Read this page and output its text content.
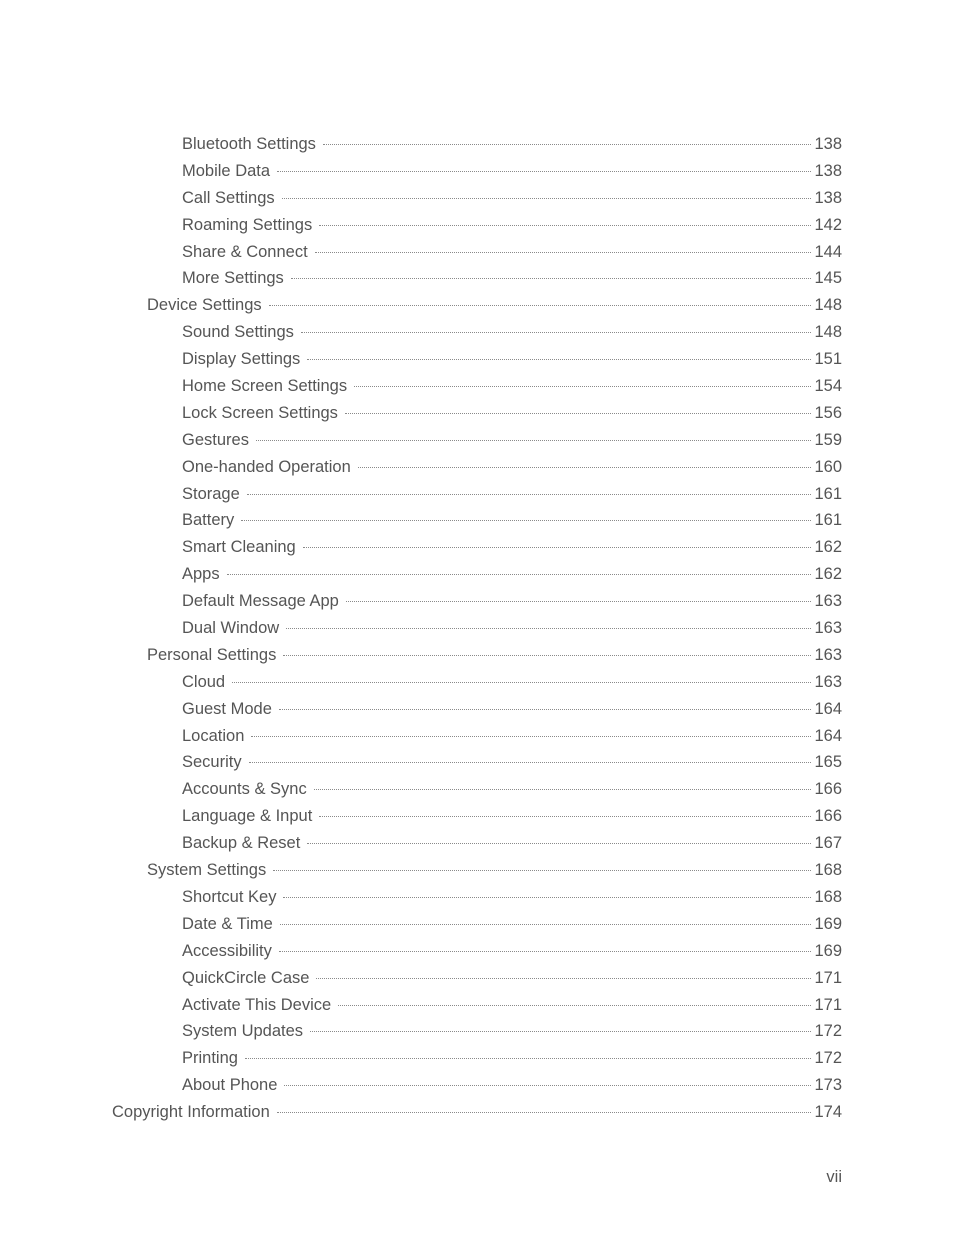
Bluetooth Settings	138
Mobile Data	138
Call Settings	138
Roaming Settings	142
Share & Connect	144
More Settings	145
Device Settings	148
Sound Settings	148
Display Settings	151
Home Screen Settings	154
Lock Screen Settings	156
Gestures	159
One-handed Operation	160
Storage	161
Battery	161
Smart Cleaning	162
Apps	162
Default Message App	163
Dual Window	163
Personal Settings	163
Cloud	163
Guest Mode	164
Location	164
Security	165
Accounts & Sync	166
Language & Input	166
Backup & Reset	167
System Settings	168
Shortcut Key	168
Date & Time	169
Accessibility	169
QuickCircle Case	171
Activate This Device	171
System Updates	172
Printing	172
About Phone	173
Copyright Information	174
vii
